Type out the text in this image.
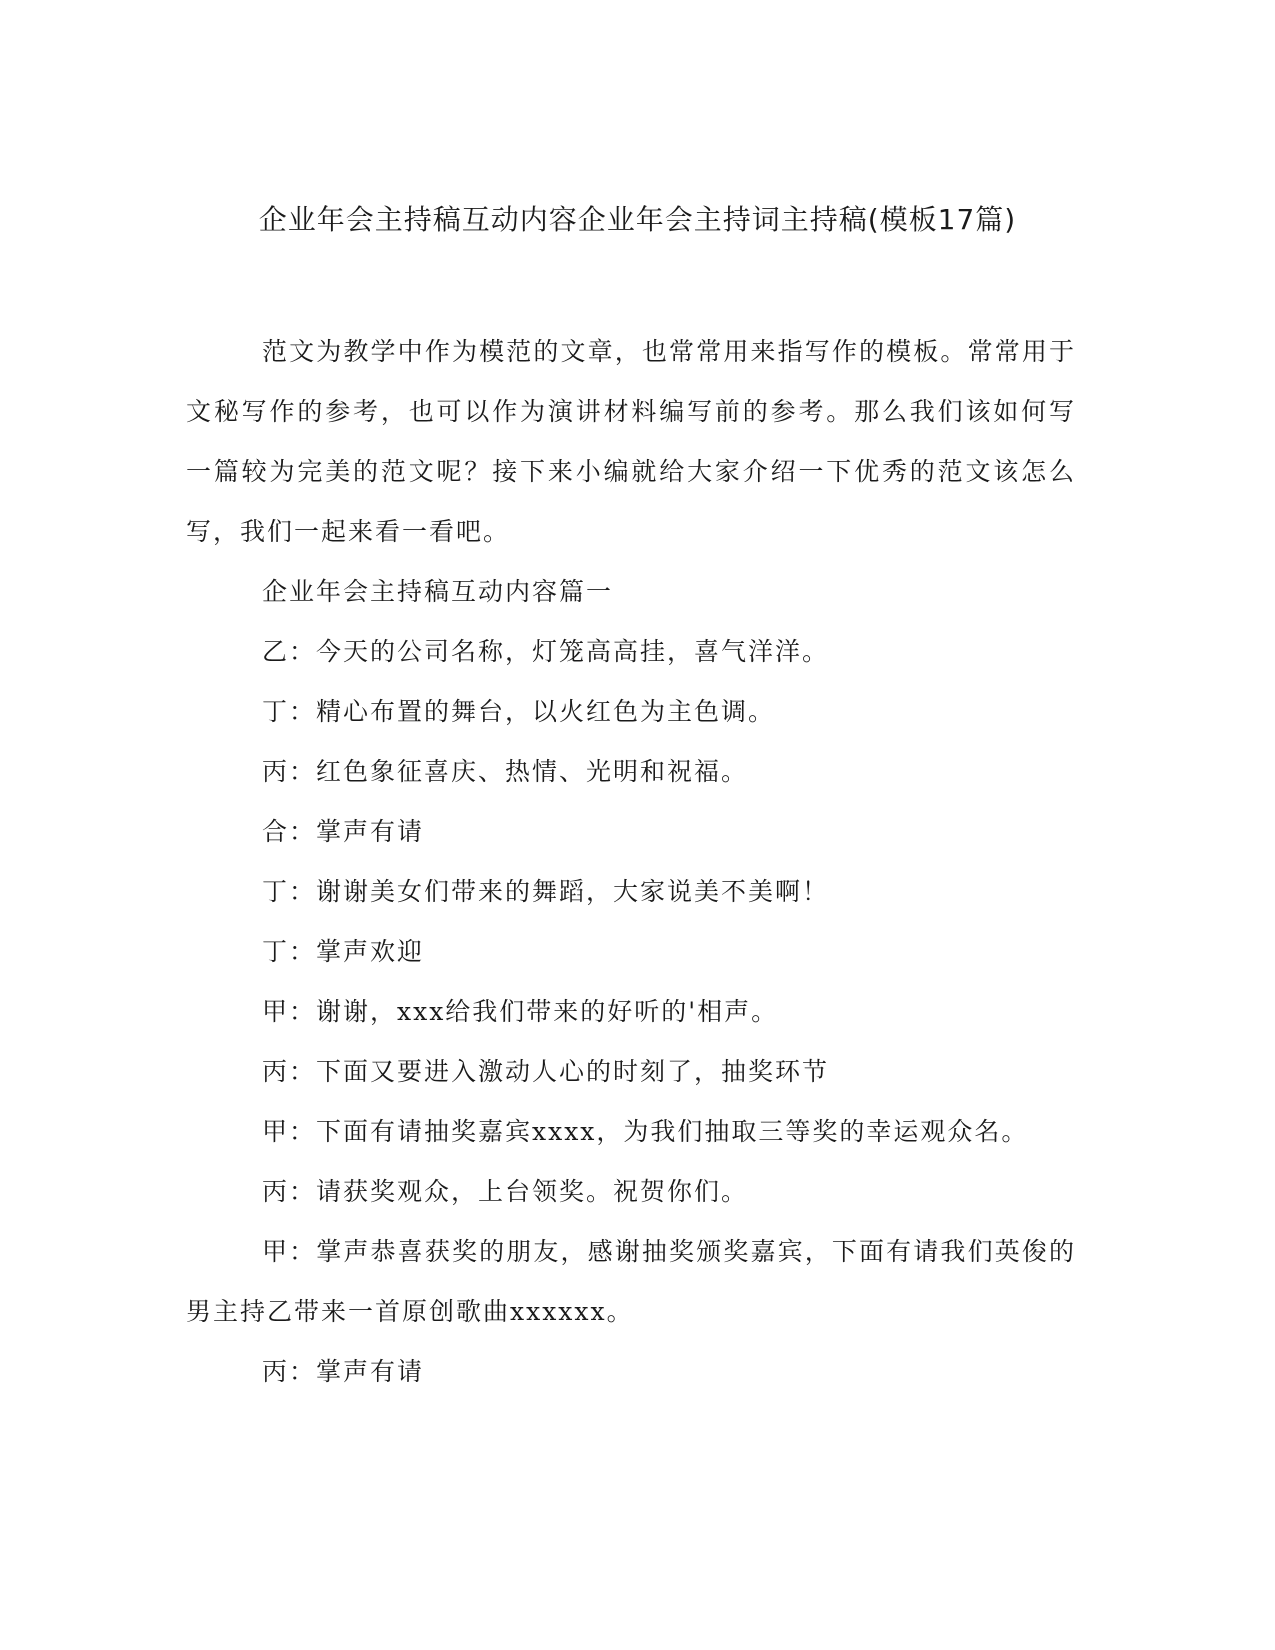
企业年会主持稿互动内容企业年会主持词主持稿(模板17篇)

范文为教学中作为模范的文章，也常常用来指写作的模板。常常用于文秘写作的参考，也可以作为演讲材料编写前的参考。那么我们该如何写一篇较为完美的范文呢？接下来小编就给大家介绍一下优秀的范文该怎么写，我们一起来看一看吧。

企业年会主持稿互动内容篇一

乙：今天的公司名称，灯笼高高挂，喜气洋洋。

丁：精心布置的舞台，以火红色为主色调。

丙：红色象征喜庆、热情、光明和祝福。

合：掌声有请

丁：谢谢美女们带来的舞蹈，大家说美不美啊！

丁：掌声欢迎

甲：谢谢，xxx给我们带来的好听的'相声。

丙：下面又要进入激动人心的时刻了，抽奖环节

甲：下面有请抽奖嘉宾xxxx，为我们抽取三等奖的幸运观众名。

丙：请获奖观众，上台领奖。祝贺你们。

甲：掌声恭喜获奖的朋友，感谢抽奖颁奖嘉宾，下面有请我们英俊的男主持乙带来一首原创歌曲xxxxxx。

丙：掌声有请
